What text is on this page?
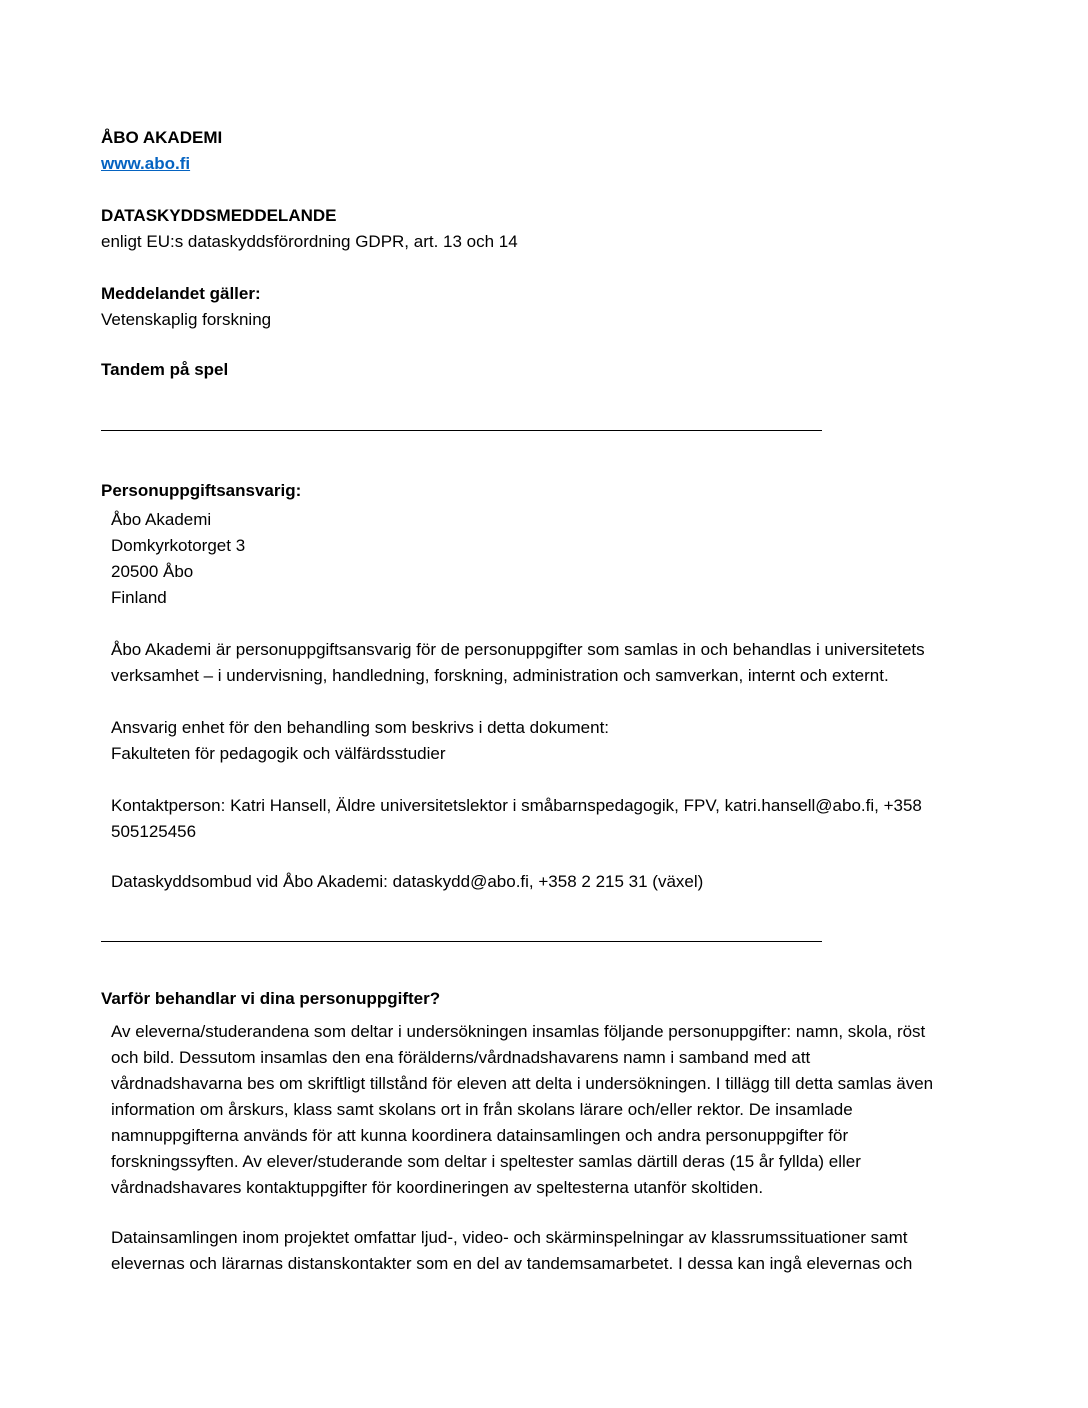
ÅBO AKADEMI
www.abo.fi
DATASKYDDSMEDDELANDE
enligt EU:s dataskyddsförordning GDPR, art. 13 och 14
Meddelandet gäller:
Vetenskaplig forskning
Tandem på spel
Personuppgiftsansvarig:
Åbo Akademi
Domkyrkotorget 3
20500 Åbo
Finland
Åbo Akademi är personuppgiftsansvarig för de personuppgifter som samlas in och behandlas i universitetets
verksamhet – i undervisning, handledning, forskning, administration och samverkan, internt och externt.
Ansvarig enhet för den behandling som beskrivs i detta dokument:
Fakulteten för pedagogik och välfärdsstudier
Kontaktperson: Katri Hansell, Äldre universitetslektor i småbarnspedagogik, FPV, katri.hansell@abo.fi, +358
505125456
Dataskyddsombud vid Åbo Akademi: dataskydd@abo.fi, +358 2 215 31 (växel)
Varför behandlar vi dina personuppgifter?
Av eleverna/studerandena som deltar i undersökningen insamlas följande personuppgifter: namn, skola, röst
och bild. Dessutom insamlas den ena förälderns/vårdnadshavarens namn i samband med att
vårdnadshavarna bes om skriftligt tillstånd för eleven att delta i undersökningen. I tillägg till detta samlas även
information om årskurs, klass samt skolans ort in från skolans lärare och/eller rektor. De insamlade
namnuppgifterna används för att kunna koordinera datainsamlingen och andra personuppgifter för
forskningssyften. Av elever/studerande som deltar i speltester samlas därtill deras (15 år fyllda) eller
vårdnadshavares kontaktuppgifter för koordineringen av speltesterna utanför skoltiden.
Datainsamlingen inom projektet omfattar ljud-, video- och skärminspelningar av klassrumssituationer samt
elevernas och lärarnas distanskontakter som en del av tandemsamarbetet. I dessa kan ingå elevernas och
